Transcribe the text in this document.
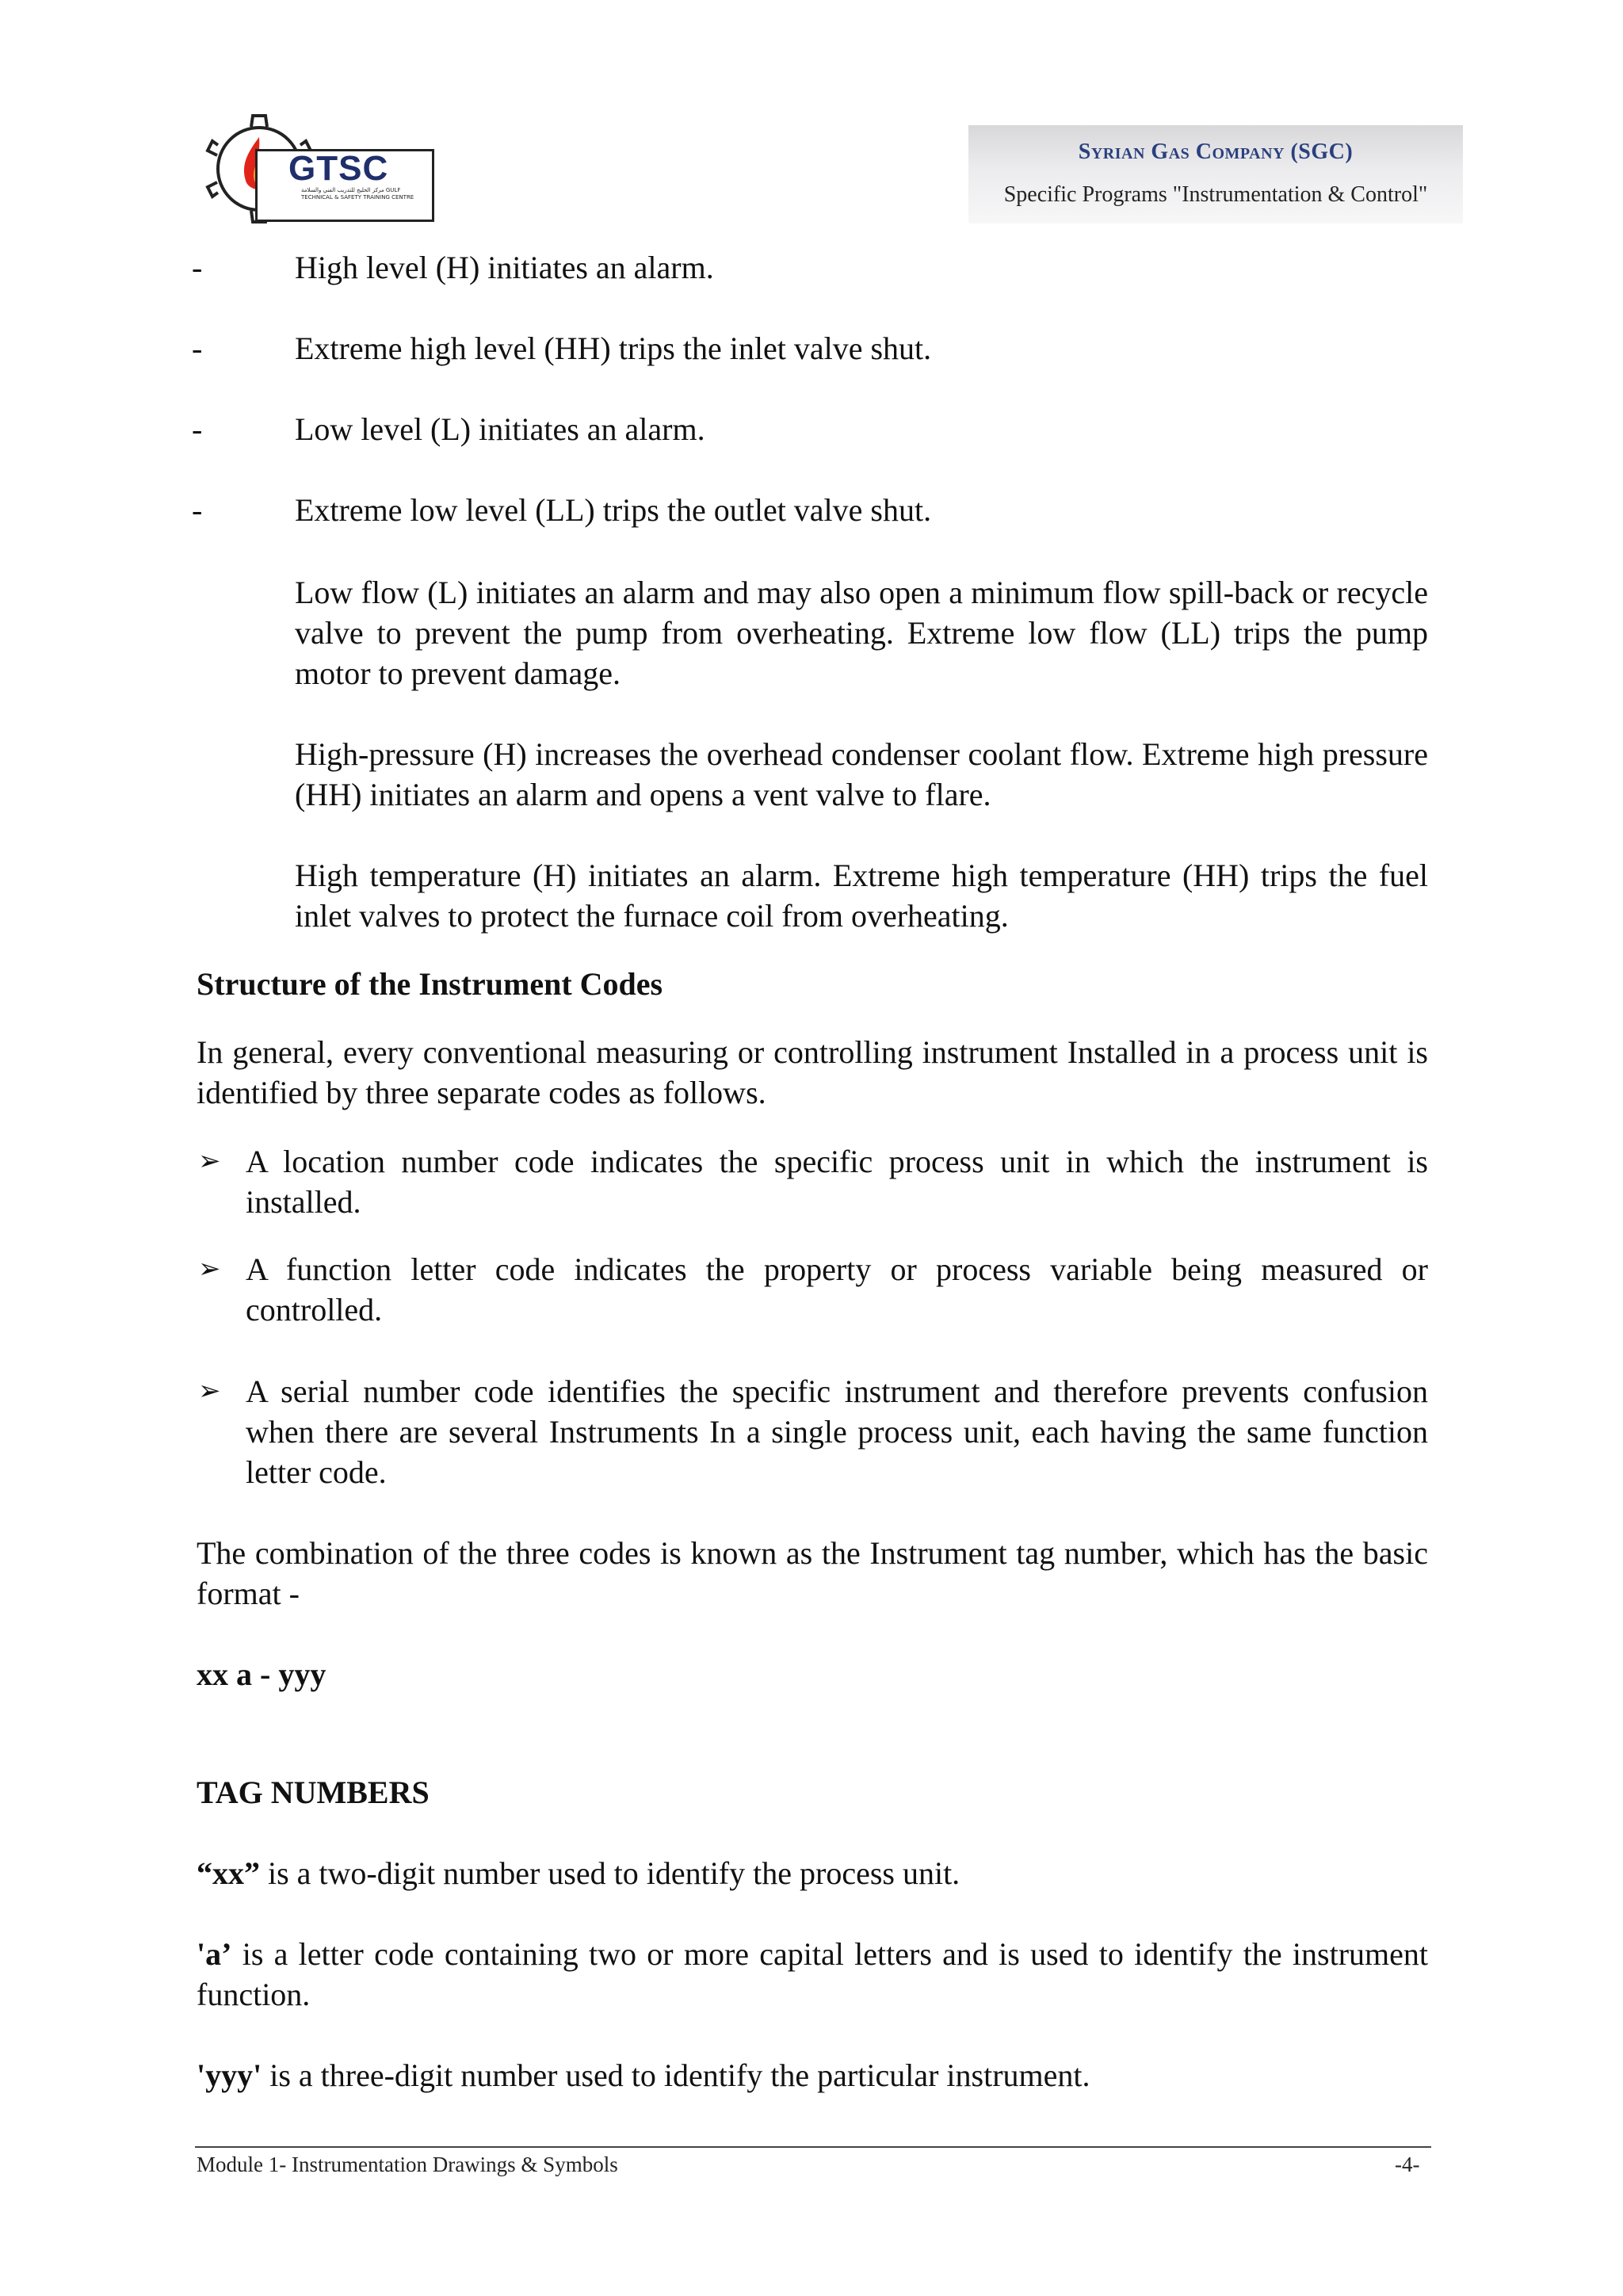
GTSC
مركز الخليج للتدريب الفني والسلامة GULF TECHNICAL & SAFETY TRAINING CENTRE
Syrian Gas Company (SGC)
Specific Programs "Instrumentation & Control"
-	High level (H) initiates an alarm.
-	Extreme high level (HH) trips the inlet valve shut.
-	Low level (L) initiates an alarm.
-	Extreme low level (LL) trips the outlet valve shut.
Low flow (L) initiates an alarm and may also open a minimum flow spill-back or recycle valve to prevent the pump from overheating. Extreme low flow (LL) trips the pump motor to prevent damage.
High-pressure (H) increases the overhead condenser coolant flow. Extreme high pressure (HH) initiates an alarm and opens a vent valve to flare.
High temperature (H) initiates an alarm. Extreme high temperature (HH) trips the fuel inlet valves to protect the furnace coil from overheating.
Structure of the Instrument Codes
In general, every conventional measuring or controlling instrument Installed in a process unit is identified by three separate codes as follows.
➢ A location number code indicates the specific process unit in which the instrument is installed.
➢ A function letter code indicates the property or process variable being measured or controlled.
➢ A serial number code identifies the specific instrument and therefore prevents confusion when there are several Instruments In a single process unit, each having the same function letter code.
The combination of the three codes is known as the Instrument tag number, which has the basic format -
xx a - yyy
TAG NUMBERS
“xx” is a two-digit number used to identify the process unit.
'a’ is a letter code containing two or more capital letters and is used to identify the instrument function.
'yyy' is a three-digit number used to identify the particular instrument.
Module 1- Instrumentation Drawings & Symbols	-4-
